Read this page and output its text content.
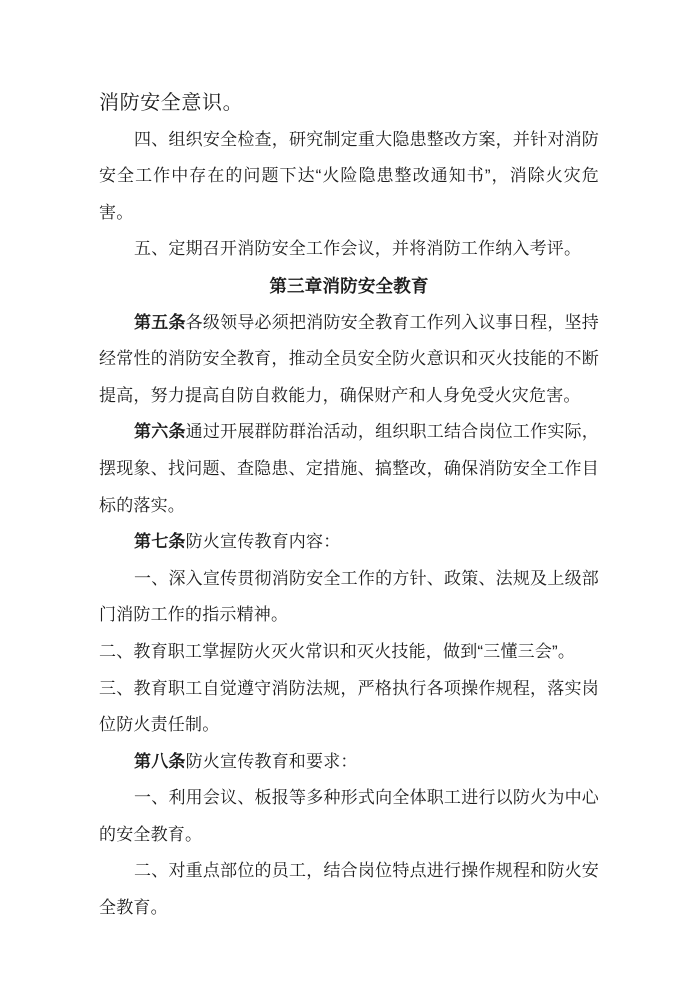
消防安全意识。

四、组织安全检查，研究制定重大隐患整改方案，并针对消防安全工作中存在的问题下达“火险隐患整改通知书”，消除火灾危害。

五、定期召开消防安全工作会议，并将消防工作纳入考评。

第三章消防安全教育

第五条各级领导必须把消防安全教育工作列入议事日程，坚持经常性的消防安全教育，推动全员安全防火意识和灭火技能的不断提高，努力提高自防自救能力，确保财产和人身免受火灾危害。

第六条通过开展群防群治活动，组织职工结合岗位工作实际，摆现象、找问题、查隐患、定措施、搞整改，确保消防安全工作目标的落实。

第七条防火宣传教育内容：

一、深入宣传贯彻消防安全工作的方针、政策、法规及上级部门消防工作的指示精神。

二、教育职工掌握防火灭火常识和灭火技能，做到“三懂三会”。

三、教育职工自觉遵守消防法规，严格执行各项操作规程，落实岗位防火责任制。

第八条防火宣传教育和要求：

一、利用会议、板报等多种形式向全体职工进行以防火为中心的安全教育。

二、对重点部位的员工，结合岗位特点进行操作规程和防火安全教育。
